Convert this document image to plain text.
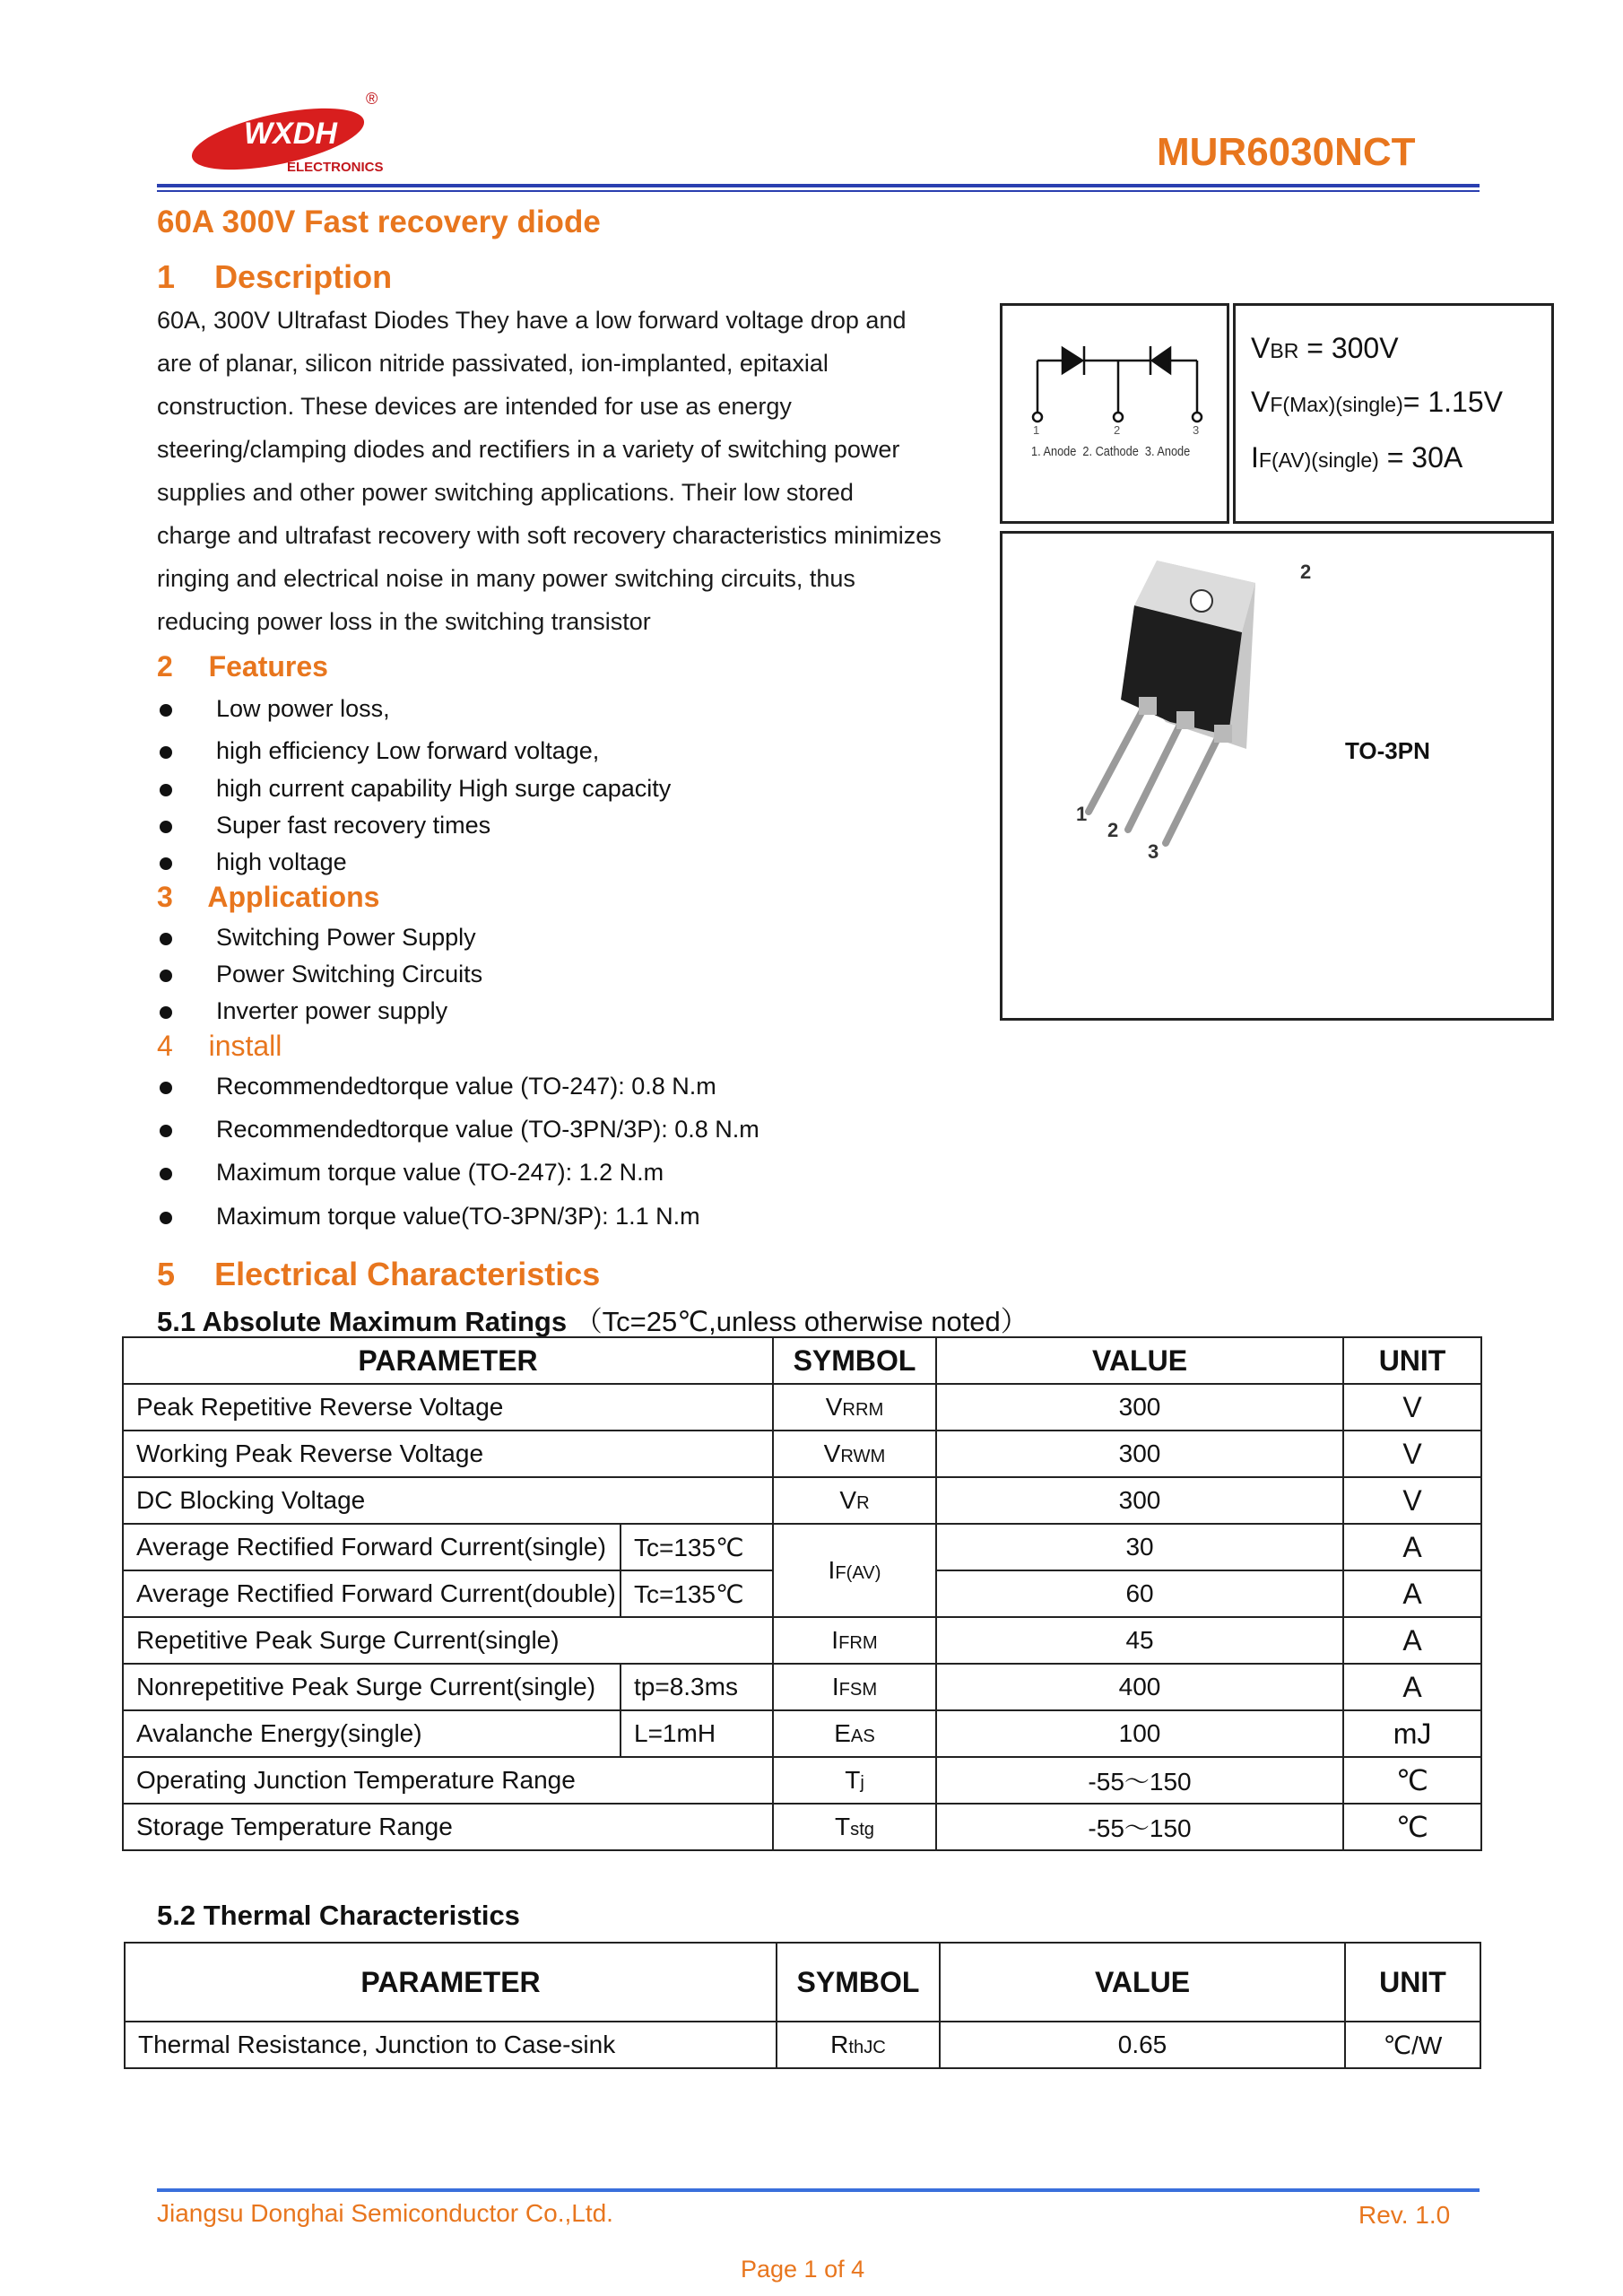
WXDH
ELECTRONICS
®
MUR6030NCT
60A 300V Fast recovery diode
1 Description

60A, 300V Ultrafast Diodes They have a low forward voltage drop and

are of planar, silicon nitride passivated, ion-implanted, epitaxial

construction. These devices are intended for use as energy

steering/clamping diodes and rectifiers in a variety of switching power

supplies and other power switching applications. Their low stored

charge and ultrafast recovery with soft recovery characteristics minimizes

ringing and electrical noise in many power switching circuits, thus

reducing power loss in the switching transistor

2 Features
Low power loss,
high efficiency Low forward voltage,
high current capability High surge capacity
Super fast recovery times
high voltage
3 Applications
Switching Power Supply
Power Switching Circuits
Inverter power supply
4 install
Recommendedtorque value (TO-247): 0.8 N.m
Recommendedtorque value (TO-3PN/3P): 0.8 N.m
Maximum torque value (TO-247): 1.2 N.m
Maximum torque value(TO-3PN/3P): 1.1 N.m
1	2	3
1. Anode  2. Cathode  3. Anode
VBR = 300V
VF(Max)(single)= 1.15V
IF(AV)(single) = 30A
2
1
2
3
TO-3PN
5 Electrical Characteristics
5.1 Absolute Maximum Ratings （Tc=25℃,unless otherwise noted）
PARAMETER		SYMBOL	VALUE	UNIT
Peak Repetitive Reverse Voltage		VRRM	300	V
Working Peak Reverse Voltage		VRWM	300	V
DC Blocking Voltage		VR	300	V
Average Rectified Forward Current(single)	Tc=135℃	IF(AV)	30	A
Average Rectified Forward Current(double)	Tc=135℃		60	A
Repetitive Peak Surge Current(single)		IFRM	45	A
Nonrepetitive Peak Surge Current(single)	tp=8.3ms	IFSM	400	A
Avalanche Energy(single)	L=1mH	EAS	100	mJ
Operating Junction Temperature Range		Tj	-55～150	℃
Storage Temperature Range		Tstg	-55～150	℃
5.2 Thermal Characteristics
PARAMETER	SYMBOL	VALUE	UNIT
Thermal Resistance, Junction to Case-sink	RthJC	0.65	℃/W
Jiangsu Donghai Semiconductor Co.,Ltd.	Rev. 1.0
Page 1 of 4
